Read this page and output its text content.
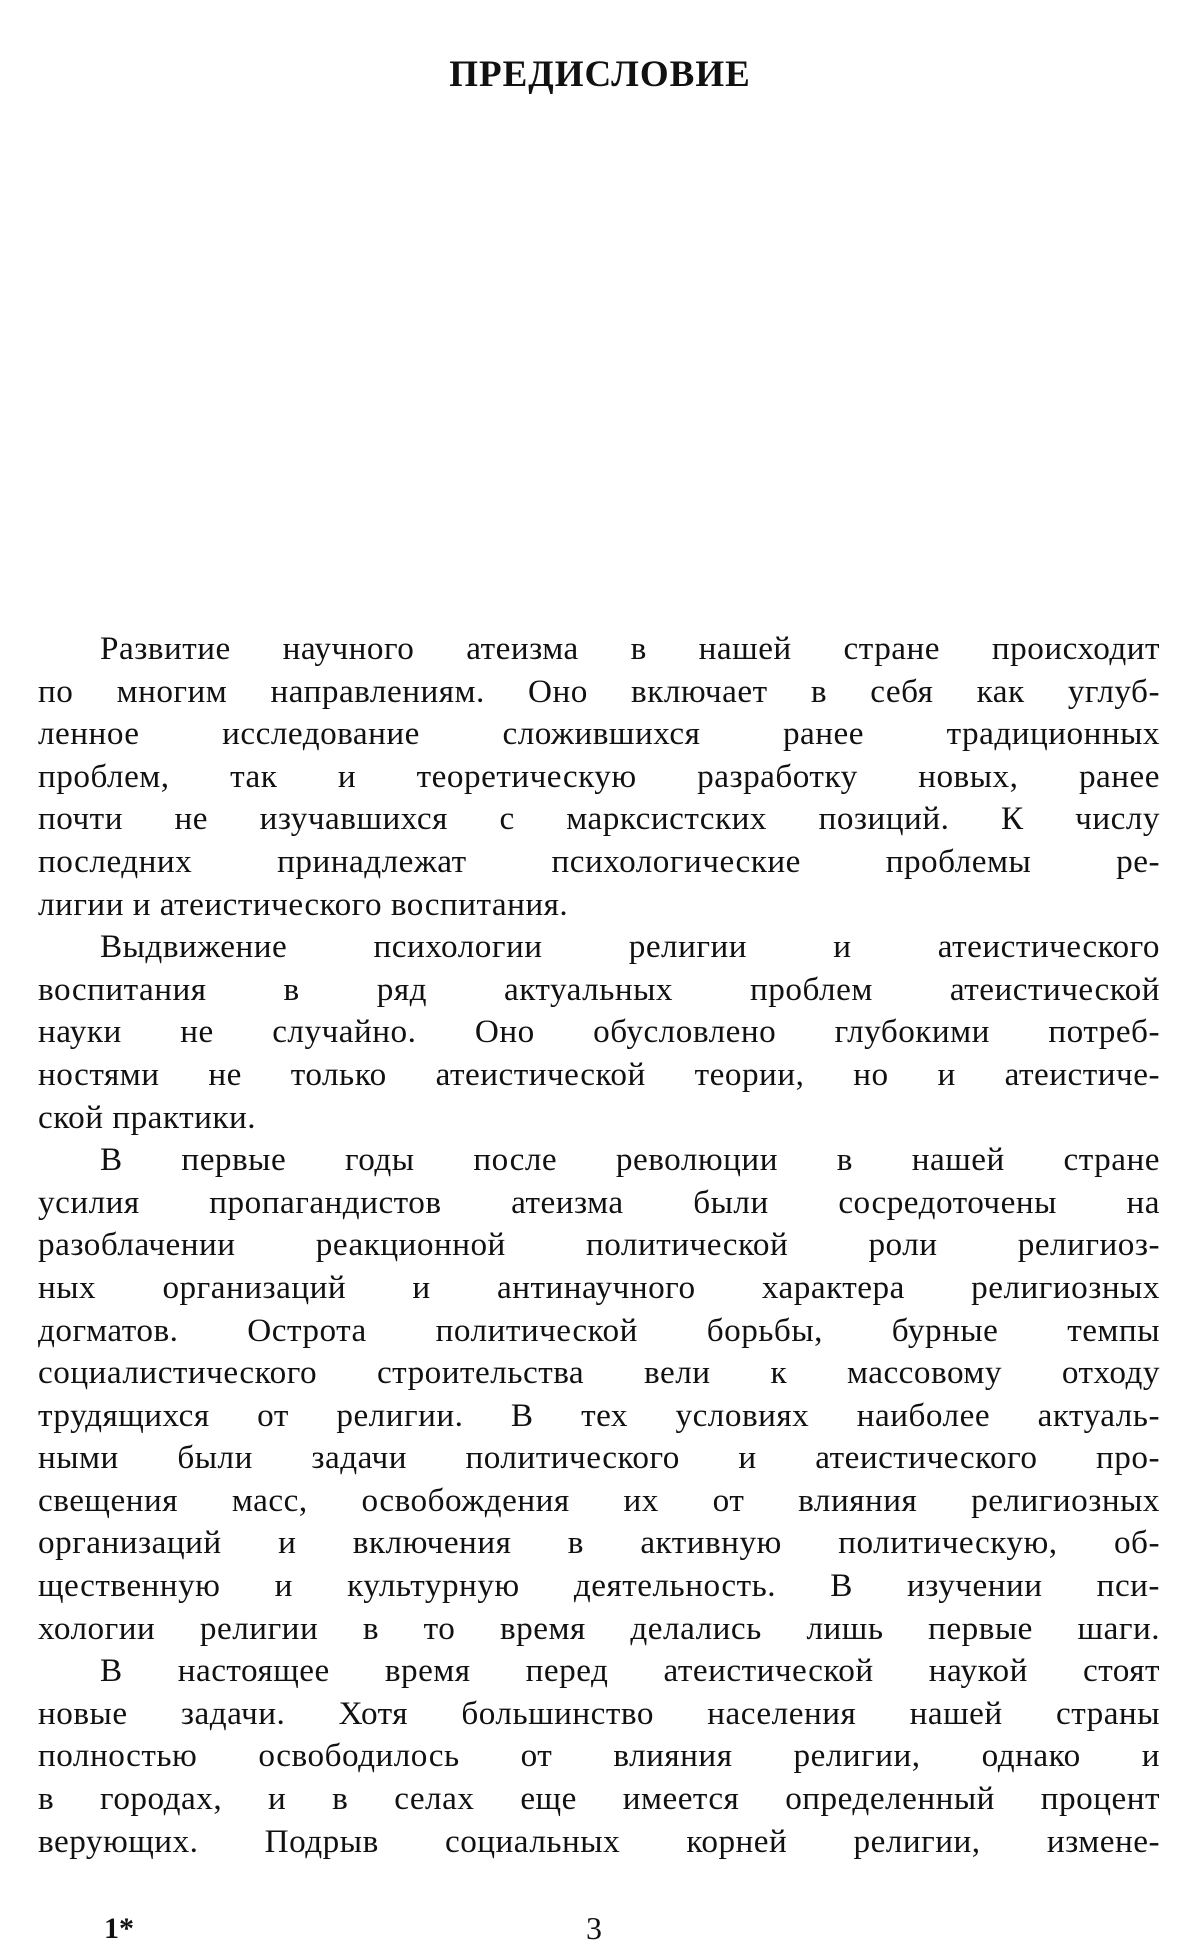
ПРЕДИСЛОВИЕ
Развитие научного атеизма в нашей стране происходит
по многим направлениям. Оно включает в себя как углуб-
ленное исследование сложившихся ранее традиционных
проблем, так и теоретическую разработку новых, ранее
почти не изучавшихся с марксистских позиций. К числу
последних принадлежат психологические проблемы ре-
лигии и атеистического воспитания.
Выдвижение психологии религии и атеистического
воспитания в ряд актуальных проблем атеистической
науки не случайно. Оно обусловлено глубокими потреб-
ностями не только атеистической теории, но и атеистиче-
ской практики.
В первые годы после революции в нашей стране
усилия пропагандистов атеизма были сосредоточены на
разоблачении реакционной политической роли религиоз-
ных организаций и антинаучного характера религиозных
догматов. Острота политической борьбы, бурные темпы
социалистического строительства вели к массовому отходу
трудящихся от религии. В тех условиях наиболее актуаль-
ными были задачи политического и атеистического про-
свещения масс, освобождения их от влияния религиозных
организаций и включения в активную политическую, об-
щественную и культурную деятельность. В изучении пси-
хологии религии в то время делались лишь первые шаги.
В настоящее время перед атеистической наукой стоят
новые задачи. Хотя большинство населения нашей страны
полностью освободилось от влияния религии, однако и
в городах, и в селах еще имеется определенный процент
верующих. Подрыв социальных корней религии, измене-
1*	3
